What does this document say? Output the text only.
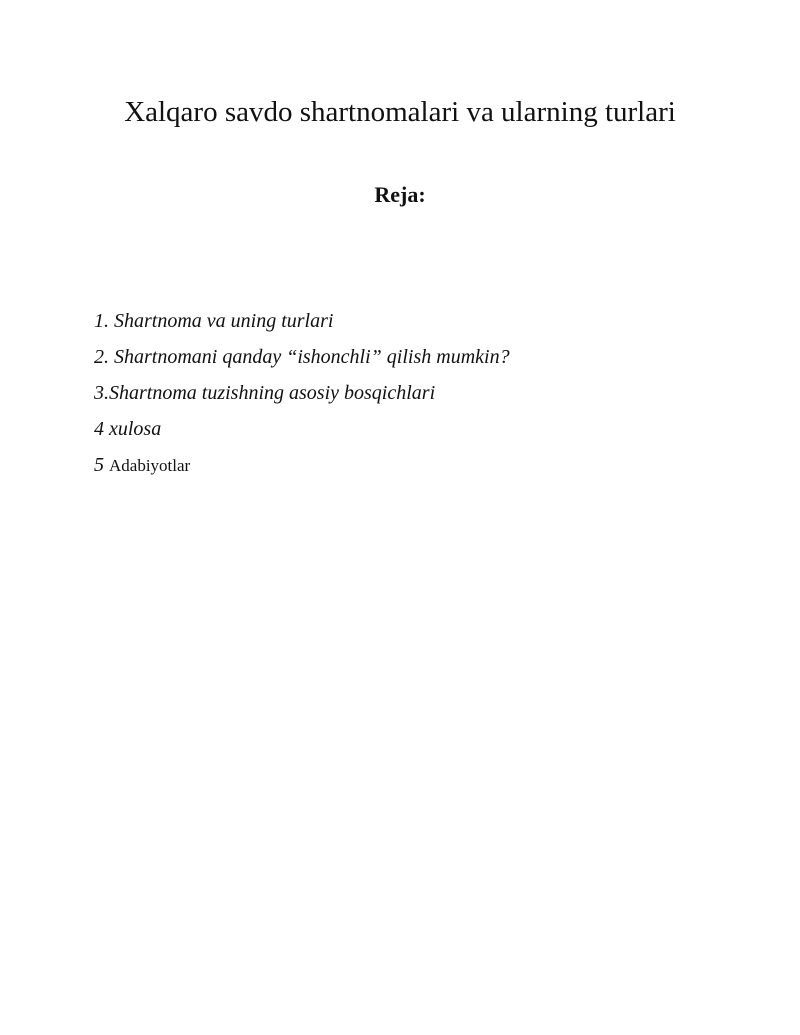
Xalqaro savdo shartnomalari va ularning turlari
Reja:
1. Shartnoma va uning turlari
2. Shartnomani qanday “ishonchli” qilish mumkin?
3.Shartnoma tuzishning asosiy bosqichlari
4 xulosa
5 Adabiyotlar
